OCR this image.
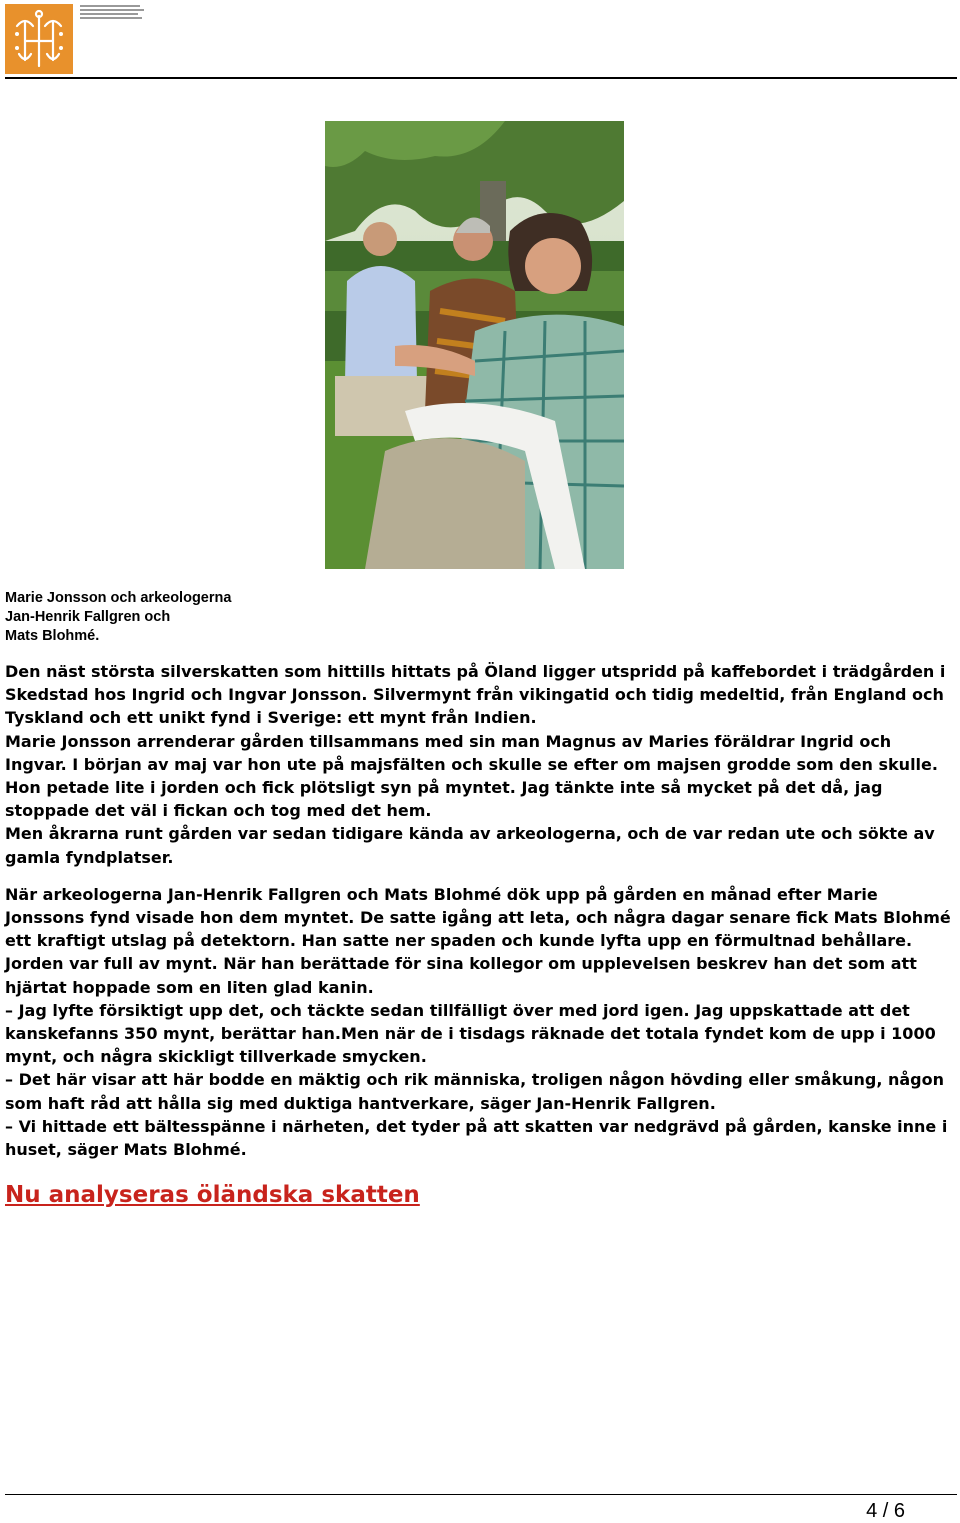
Marie Jonsson och arkeologerna
Jan-Henrik Fallgren och
Mats Blohmé.

Den näst största silverskatten som hittills hittats på Öland ligger utspridd på kaffebordet i trädgården i Skedstad hos Ingrid och Ingvar Jonsson. Silvermynt från vikingatid och tidig medeltid, från England och Tyskland och ett unikt fynd i Sverige: ett mynt från Indien.

Marie Jonsson arrenderar gården tillsammans med sin man Magnus av Maries föräldrar Ingrid och Ingvar. I början av maj var hon ute på majsfälten och skulle se efter om majsen grodde som den skulle.

Hon petade lite i jorden och fick plötsligt syn på myntet. Jag tänkte inte så mycket på det då, jag stoppade det väl i fickan och tog med det hem.

Men åkrarna runt gården var sedan tidigare kända av arkeologerna, och de var redan ute och sökte av gamla fyndplatser.

När arkeologerna Jan-Henrik Fallgren och Mats Blohmé dök upp på gården en månad efter Marie Jonssons fynd visade hon dem myntet. De satte igång att leta, och några dagar senare fick Mats Blohmé ett kraftigt utslag på detektorn. Han satte ner spaden och kunde lyfta upp en förmultnad behållare. Jorden var full av mynt. När han berättade för sina kollegor om upplevelsen beskrev han det som att hjärtat hoppade som en liten glad kanin.

– Jag lyfte försiktigt upp det, och täckte sedan tillfälligt över med jord igen. Jag uppskattade att det kanskefanns 350 mynt, berättar han.Men när de i tisdags räknade det totala fyndet kom de upp i 1000 mynt, och några skickligt tillverkade smycken.

– Det här visar att här bodde en mäktig och rik människa, troligen någon hövding eller småkung, någon som haft råd att hålla sig med duktiga hantverkare, säger Jan-Henrik Fallgren.

– Vi hittade ett bältesspänne i närheten, det tyder på att skatten var nedgrävd på gården, kanske inne i huset, säger Mats Blohmé.

Nu analyseras öländska skatten
4 / 6
